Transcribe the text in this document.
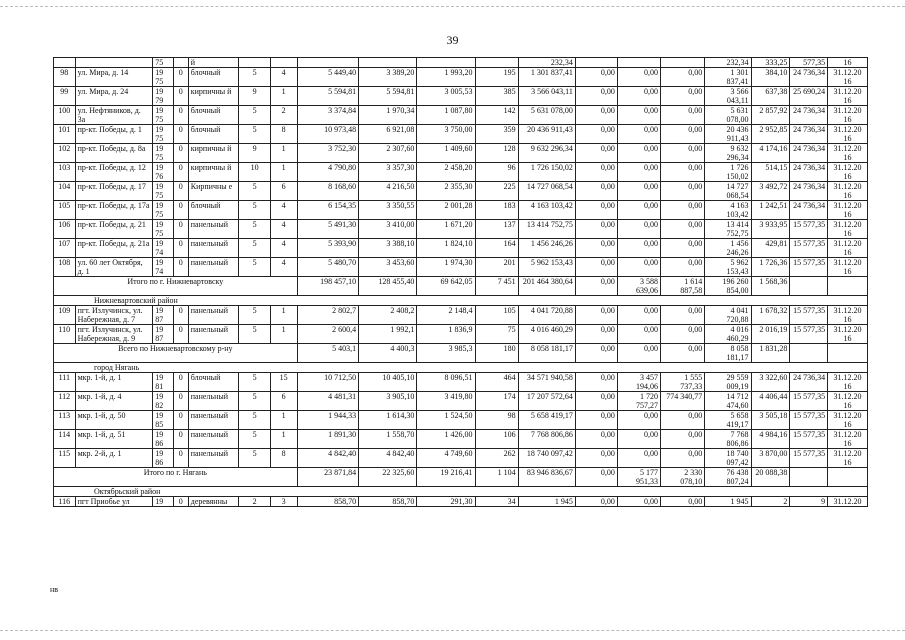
39
		75		й							232,34				232,34	333,25	577,35	16
98	ул. Мира, д. 14	19 75	0	блочный	5	4	5 449,40	3 389,20	1 993,20	195	1 301 837,41	0,00	0,00	0,00	1 301 837,41	384,10	24 736,34	31.12.20 16
99	ул. Мира, д. 24	19 79	0	кирпичны й	9	1	5 594,81	5 594,81	3 005,53	385	3 566 043,11	0,00	0,00	0,00	3 566 043,11	637,38	25 690,24	31.12.20 16
100	ул. Нефтяников, д. 3а	19 75	0	блочный	5	2	3 374,84	1 970,34	1 087,80	142	5 631 078,00	0,00	0,00	0,00	5 631 078,00	2 857,92	24 736,34	31.12.20 16
101	пр-кт. Победы, д. 1	19 75	0	блочный	5	8	10 973,48	6 921,08	3 750,00	359	20 436 911,43	0,00	0,00	0,00	20 436 911,43	2 952,85	24 736,34	31.12.20 16
102	пр-кт. Победы, д. 8а	19 75	0	кирпичны й	9	1	3 752,30	2 307,60	1 409,60	128	9 632 296,34	0,00	0,00	0,00	9 632 296,34	4 174,16	24 736,34	31.12.20 16
103	пр-кт. Победы, д. 12	19 76	0	кирпичны й	10	1	4 790,80	3 357,30	2 458,20	96	1 726 150,02	0,00	0,00	0,00	1 726 150,02	514,15	24 736,34	31.12.20 16
104	пр-кт. Победы, д. 17	19 75	0	Кирпичны е	5	6	8 168,60	4 216,50	2 355,30	225	14 727 068,54	0,00	0,00	0,00	14 727 068,54	3 492,72	24 736,34	31.12.20 16
105	пр-кт. Победы, д. 17а	19 75	0	блочный	5	4	6 154,35	3 350,55	2 001,28	183	4 163 103,42	0,00	0,00	0,00	4 163 103,42	1 242,51	24 736,34	31.12.20 16
106	пр-кт. Победы, д. 21	19 75	0	панельный	5	4	5 491,30	3 410,00	1 671,20	137	13 414 752,75	0,00	0,00	0,00	13 414 752,75	3 933,95	15 577,35	31.12.20 16
107	пр-кт. Победы, д. 21а	19 74	0	панельный	5	4	5 393,90	3 388,10	1 824,10	164	1 456 246,26	0,00	0,00	0,00	1 456 246,26	429,81	15 577,35	31.12.20 16
108	ул. 60 лет Октября, д. 1	19 74	0	панельный	5	4	5 480,70	3 453,60	1 974,30	201	5 962 153,43	0,00	0,00	0,00	5 962 153,43	1 726,36	15 577,35	31.12.20 16
Итого по г. Нижневартовску							198 457,10	128 455,40	69 642,05	7 451	201 464 380,64	0,00	3 588 639,06	1 614 887,58	196 260 854,00	1 568,36		
Нижневартовский район																		
109	пгт. Излучинск, ул. Набережная, д. 7	19 87	0	панельный	5	1	2 802,7	2 408,2	2 148,4	105	4 041 720,88	0,00	0,00	0,00	4 041 720,88	1 678,32	15 577,35	31.12.20 16
110	пгт. Излучинск, ул. Набережная, д. 9	19 87	0	панельный	5	1	2 600,4	1 992,1	1 836,9	75	4 016 460,29	0,00	0,00	0,00	4 016 460,29	2 016,19	15 577,35	31.12.20 16
Всего по Нижневартовскому р-ну							5 403,1	4 400,3	3 985,3	180	8 058 181,17	0,00	0,00	0,00	8 058 181,17	1 831,28		
город Нягань																		
111	мкр. 1-й, д. 1	19 81	0	блочный	5	15	10 712,50	10 405,10	8 096,51	464	34 571 940,58	0,00	3 457 194,06	1 555 737,33	29 559 009,19	3 322,60	24 736,34	31.12.20 16
112	мкр. 1-й, д. 4	19 82	0	панельный	5	6	4 481,31	3 905,10	3 419,80	174	17 207 572,64	0,00	1 720 757,27	774 340,77	14 712 474,60	4 406,44	15 577,35	31.12.20 16
113	мкр. 1-й, д. 50	19 85	0	панельный	5	1	1 944,33	1 614,30	1 524,50	98	5 658 419,17	0,00	0,00	0,00	5 658 419,17	3 505,18	15 577,35	31.12.20 16
114	мкр. 1-й, д. 51	19 86	0	панельный	5	1	1 891,30	1 558,70	1 426,00	106	7 768 806,86	0,00	0,00	0,00	7 768 806,86	4 984,16	15 577,35	31.12.20 16
115	мкр. 2-й, д. 1	19 86	0	панельный	5	8	4 842,40	4 842,40	4 749,60	262	18 740 097,42	0,00	0,00	0,00	18 740 097,42	3 870,00	15 577,35	31.12.20 16
Итого по г. Нягань							23 871,84	22 325,60	19 216,41	1 104	83 946 836,67	0,00	5 177 951,33	2 330 078,10	76 438 807,24	20 088,38		
Октябрьский район																		
116	пгт Приобье ул	19	0	деревянны	2	3	858,70	858,70	291,30	34	1 945	0,00	0,00	0,00	1 945	2	9	31.12.20
нв
